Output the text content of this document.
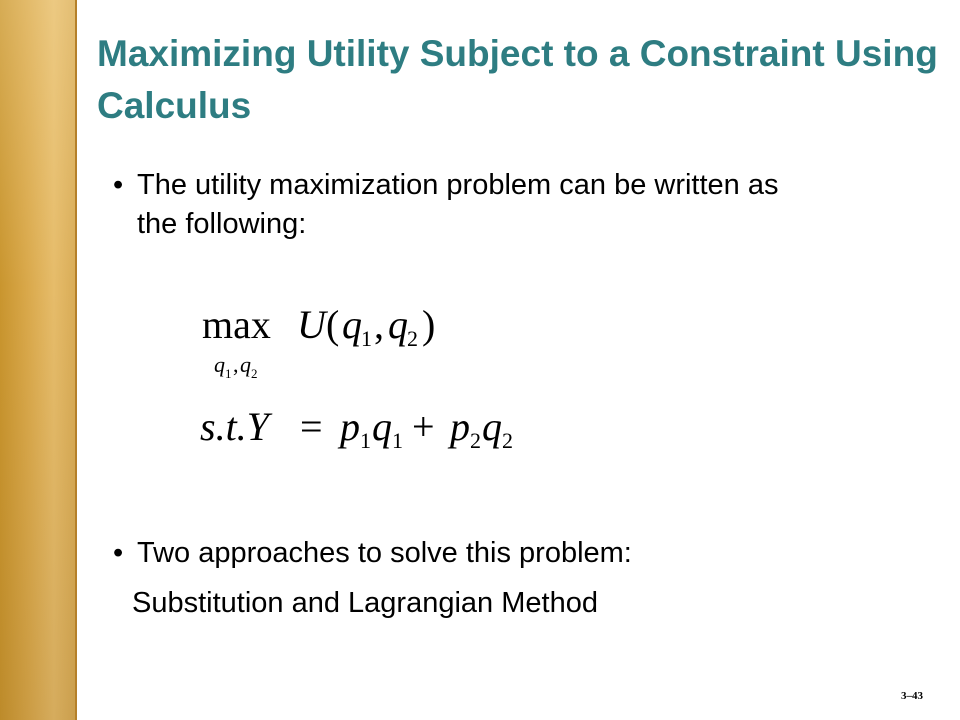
Maximizing Utility Subject to a Constraint Using Calculus
• The utility maximization problem can be written as the following:
max U ( q 1 , q 2 )
q 1 , q 2
s.t.Y = p 1 q 1 + p 2 q 2
• Two approaches to solve this problem:
Substitution and Lagrangian Method
3–43
